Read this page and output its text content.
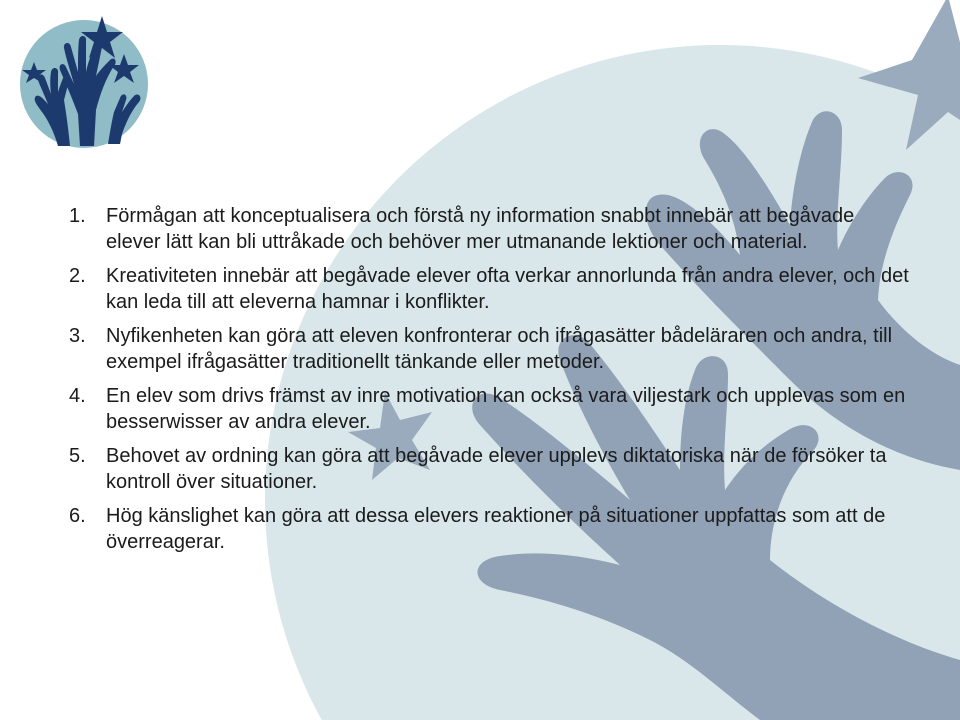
1. Förmågan att konceptualisera och förstå ny information snabbt innebär att begåvade elever lätt kan bli uttråkade och behöver mer utmanande lektioner och material.
2. Kreativiteten innebär att begåvade elever ofta verkar annorlunda från andra elever, och det kan leda till att eleverna hamnar i konflikter.
3. Nyfikenheten kan göra att eleven konfronterar och ifrågasätter bådeläraren och andra, till exempel ifrågasätter traditionellt tänkande eller metoder.
4. En elev som drivs främst av inre motivation kan också vara viljestark och upplevas som en besserwisser av andra elever.
5. Behovet av ordning kan göra att begåvade elever upplevs diktatoriska när de försöker ta kontroll över situationer.
6. Hög känslighet kan göra att dessa elevers reaktioner på situationer uppfattas som att de överreagerar.
